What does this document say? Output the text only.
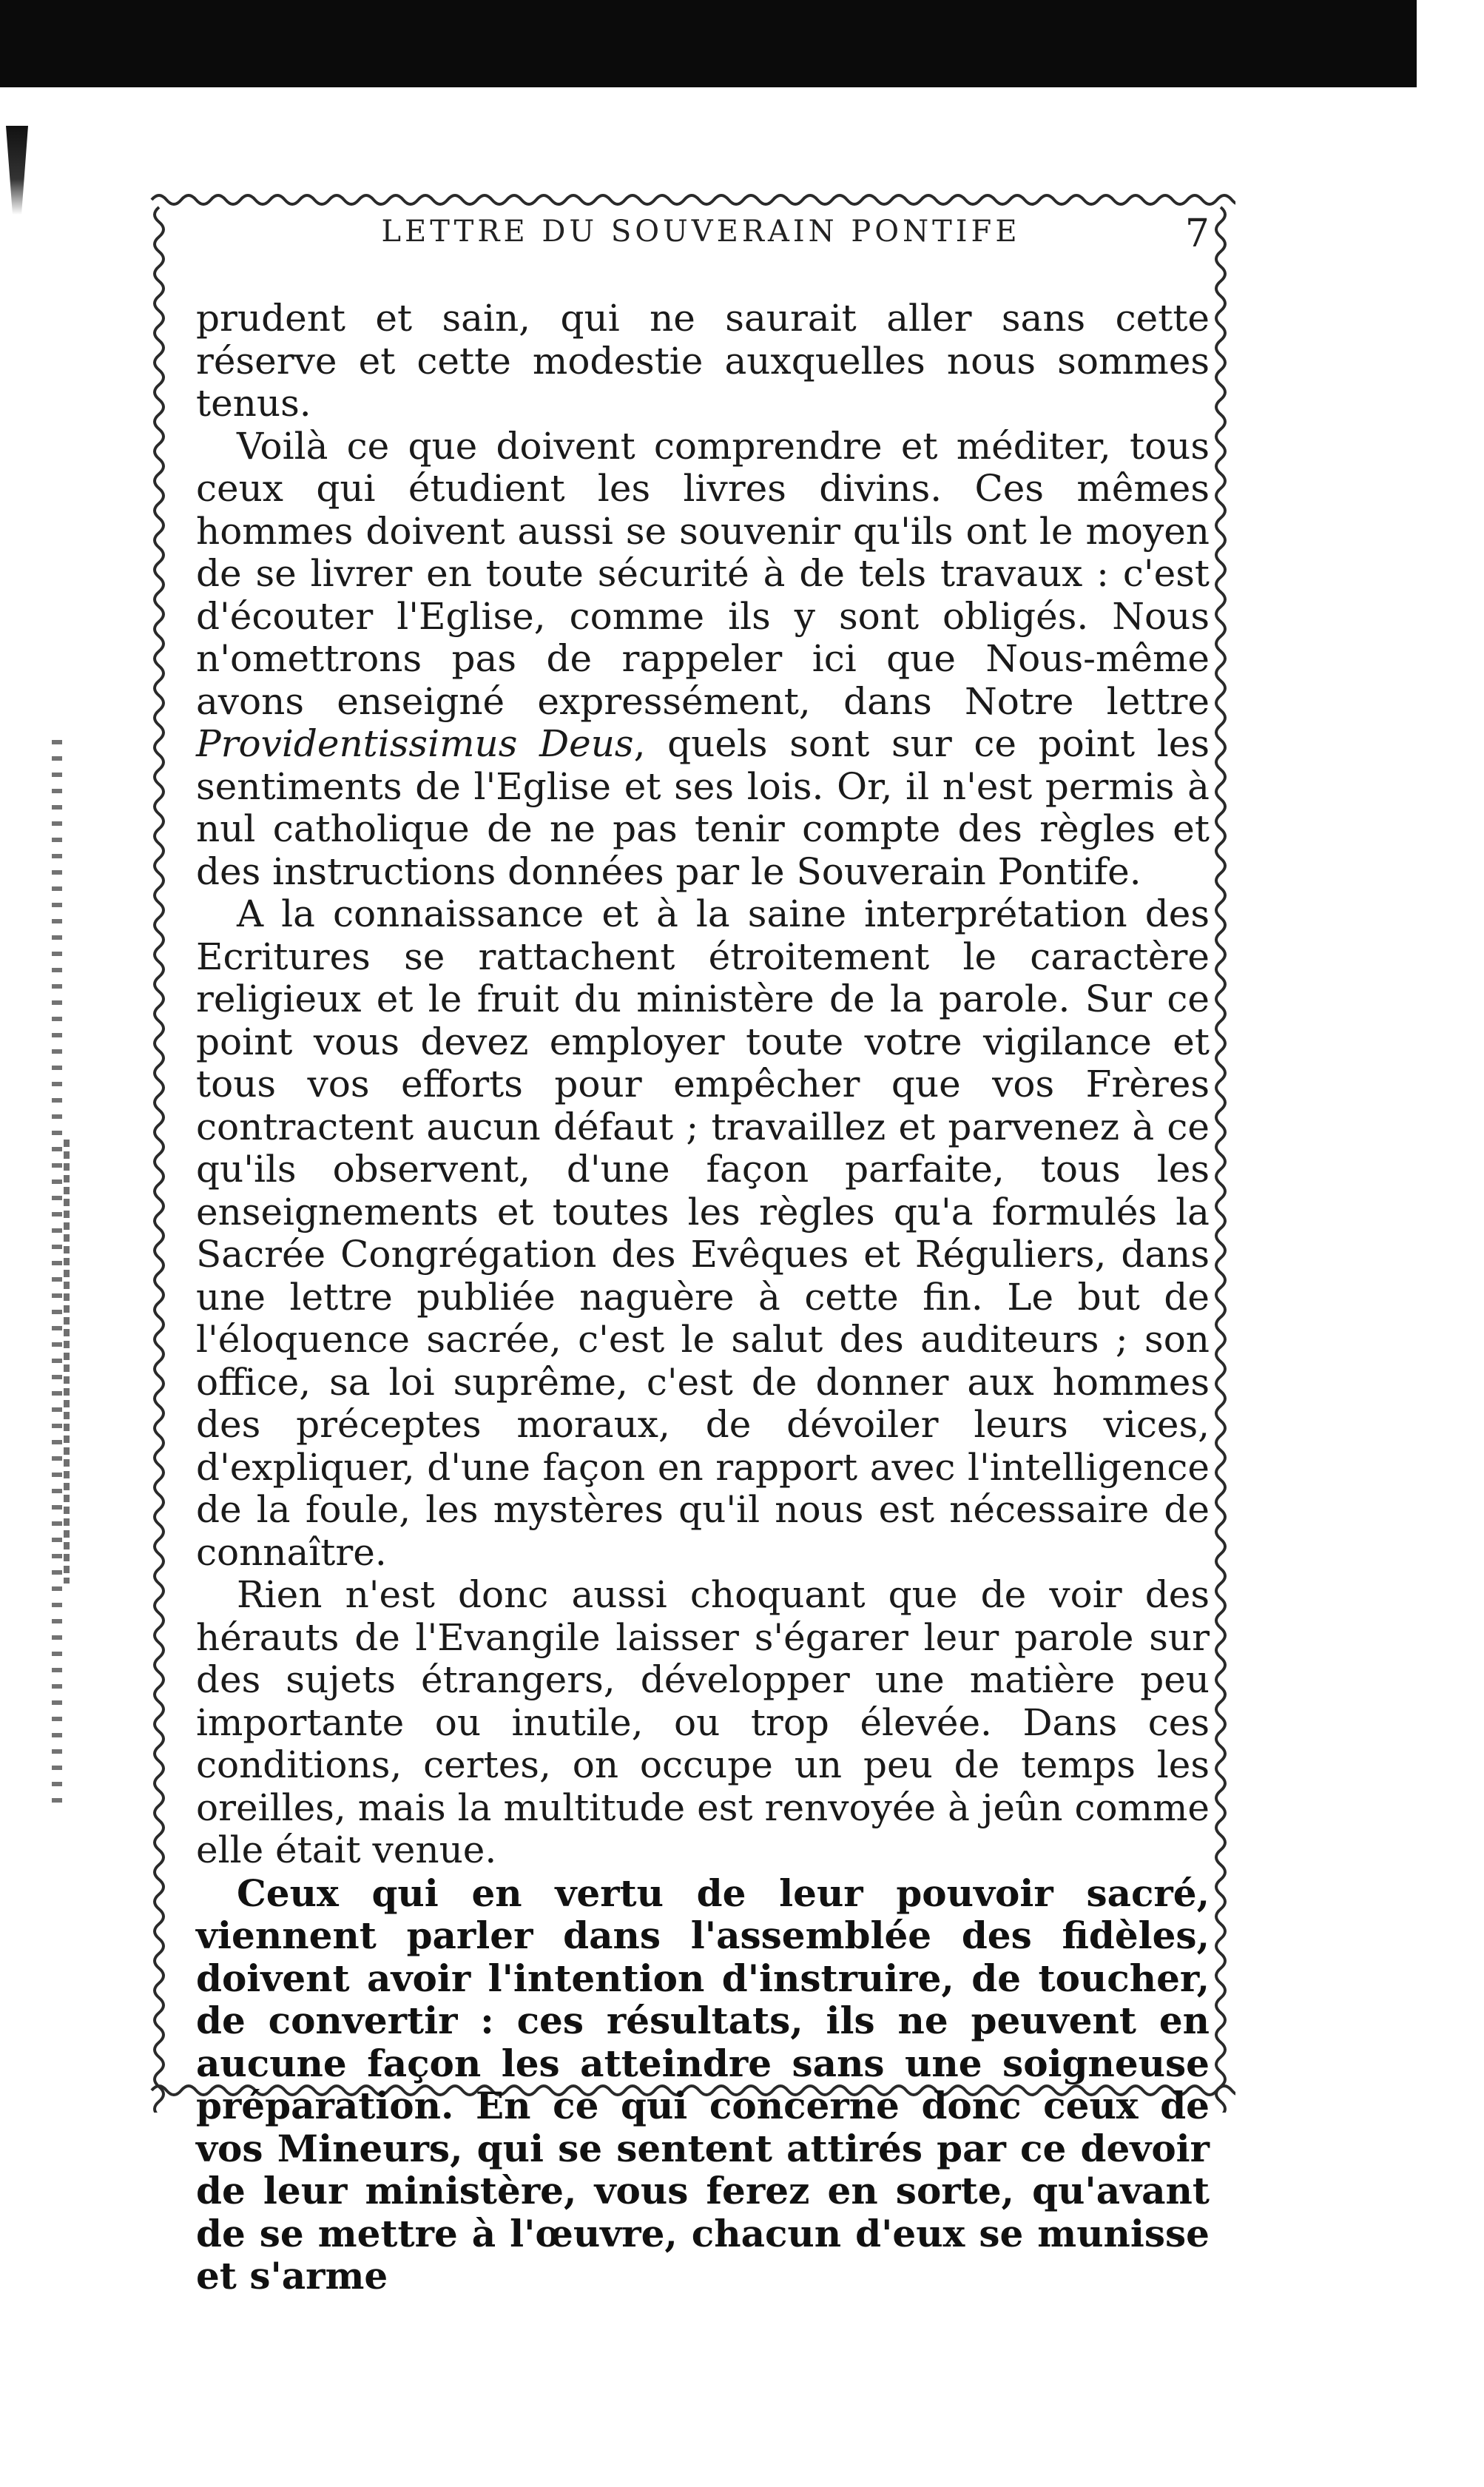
LETTRE DU SOUVERAIN PONTIFE	7

prudent et sain, qui ne saurait aller sans cette réserve et cette modestie auxquelles nous sommes tenus.

Voilà ce que doivent comprendre et méditer, tous ceux qui étudient les livres divins. Ces mêmes hommes doivent aussi se souvenir qu'ils ont le moyen de se livrer en toute sécurité à de tels travaux : c'est d'écouter l'Eglise, comme ils y sont obligés. Nous n'omettrons pas de rappeler ici que Nous-même avons enseigné expressément, dans Notre lettre Providentissimus Deus, quels sont sur ce point les sentiments de l'Eglise et ses lois. Or, il n'est permis à nul catholique de ne pas tenir compte des règles et des instructions données par le Souverain Pontife.

A la connaissance et à la saine interprétation des Ecritures se rattachent étroitement le caractère religieux et le fruit du ministère de la parole. Sur ce point vous devez employer toute votre vigilance et tous vos efforts pour empêcher que vos Frères contractent aucun défaut ; travaillez et parvenez à ce qu'ils observent, d'une façon parfaite, tous les enseignements et toutes les règles qu'a formulés la Sacrée Congrégation des Evêques et Réguliers, dans une lettre publiée naguère à cette fin. Le but de l'éloquence sacrée, c'est le salut des auditeurs ; son office, sa loi suprême, c'est de donner aux hommes des préceptes moraux, de dévoiler leurs vices, d'expliquer, d'une façon en rapport avec l'intelligence de la foule, les mystères qu'il nous est nécessaire de connaître.

Rien n'est donc aussi choquant que de voir des hérauts de l'Evangile laisser s'égarer leur parole sur des sujets étrangers, développer une matière peu importante ou inutile, ou trop élevée. Dans ces conditions, certes, on occupe un peu de temps les oreilles, mais la multitude est renvoyée à jeûn comme elle était venue.

Ceux qui en vertu de leur pouvoir sacré, viennent parler dans l'assemblée des fidèles, doivent avoir l'intention d'instruire, de toucher, de convertir : ces résultats, ils ne peuvent en aucune façon les atteindre sans une soigneuse préparation. En ce qui concerne donc ceux de vos Mineurs, qui se sentent attirés par ce devoir de leur ministère, vous ferez en sorte, qu'avant de se mettre à l'œuvre, chacun d'eux se munisse et s'arme
